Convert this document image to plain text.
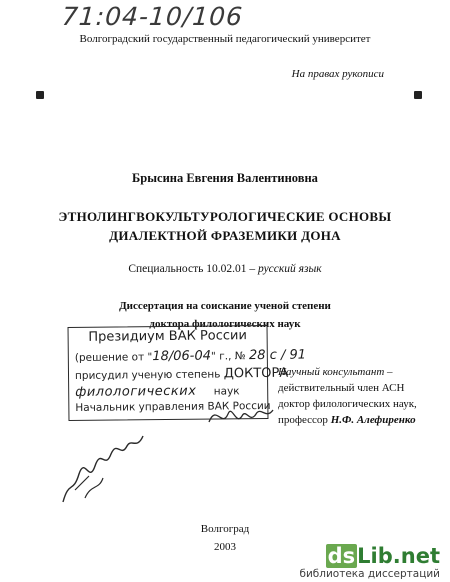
71:04-10/106
Волгоградский государственный педагогический университет
На правах рукописи
Брысина Евгения Валентиновна
ЭТНОЛИНГВОКУЛЬТУРОЛОГИЧЕСКИЕ ОСНОВЫ
ДИАЛЕКТНОЙ ФРАЗЕМИКИ ДОНА
Специальность 10.02.01 – русский язык
Диссертация на соискание ученой степени
доктора филологических наук
Президиум ВАК России
(решение от "18/06-04" г., № 28 с / 91
присудил ученую степень ДОКТОРА
филологических наук
Начальник управления ВАК России
Научный консультант –
действительный член АСН
доктор филологических наук,
профессор Н.Ф. Алефиренко
Волгоград
2003	dsLib.net
библиотека диссертаций
